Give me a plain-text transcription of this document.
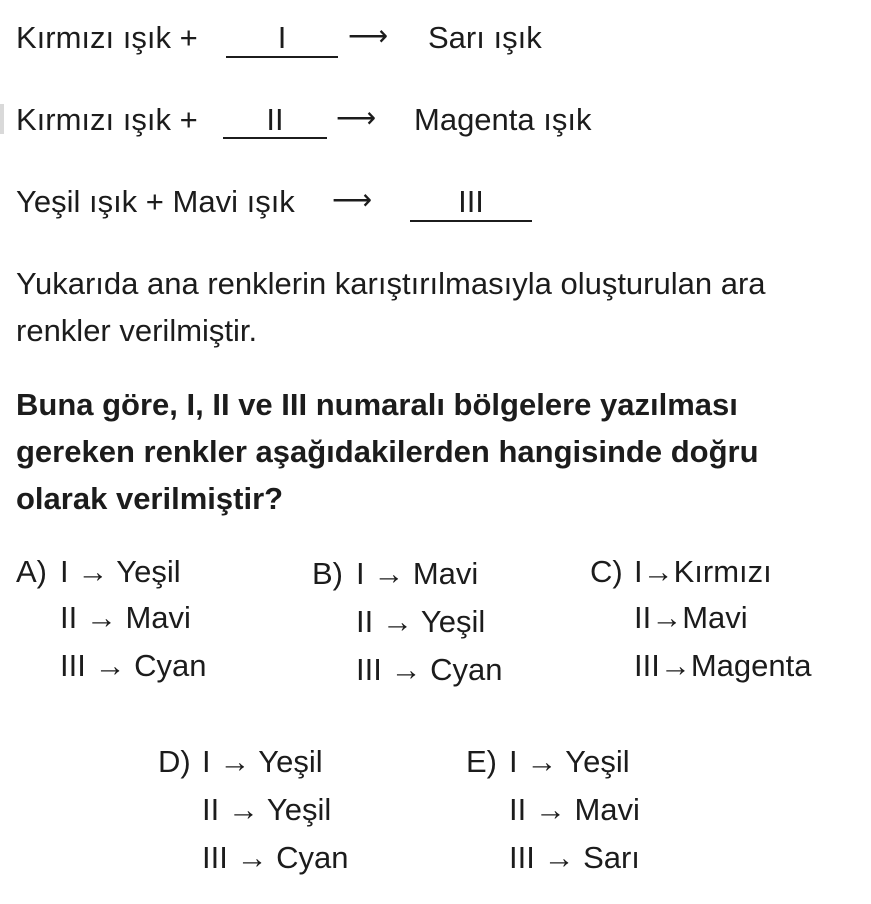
Kırmızı ışık +	I	⟶ Sarı ışık
Kırmızı ışık +	II	⟶ Magenta ışık
Yeşil ışık + Mavi ışık ⟶	III
Yukarıda ana renklerin karıştırılmasıyla oluşturulan ara renkler verilmiştir.
Buna göre, I, II ve III numaralı bölgelere yazılması gereken renkler aşağıdakilerden hangisinde doğru olarak verilmiştir?
A) I → Yeşil
II → Mavi
III → Cyan
B) I → Mavi
II → Yeşil
III → Cyan
C) I→Kırmızı
II→Mavi
III→Magenta
D) I → Yeşil
II → Yeşil
III → Cyan
E) I → Yeşil
II → Mavi
III → Sarı
